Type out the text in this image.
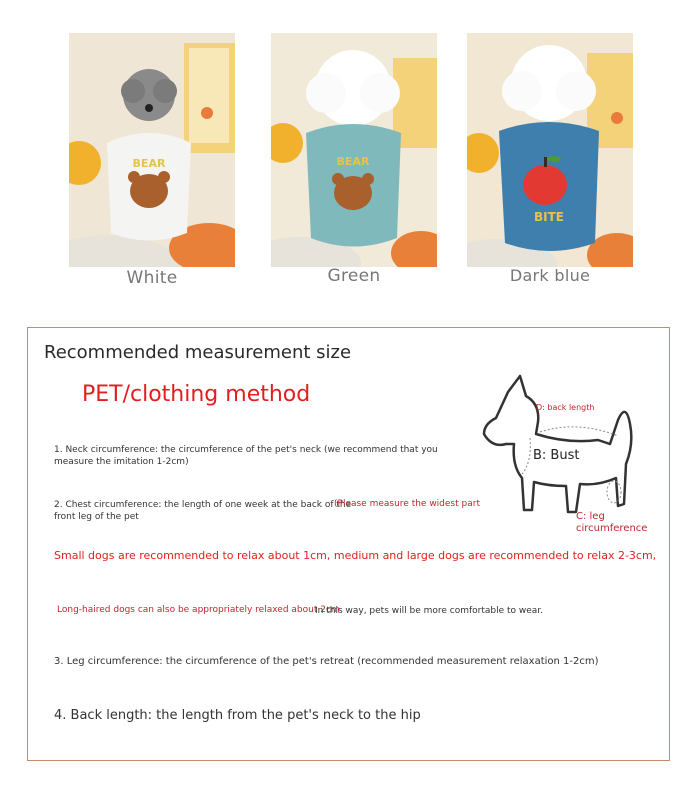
BEAR
White
BEAR
Green
BITE
Dark blue
Recommended measurement size
PET/clothing method
1. Neck circumference: the circumference of the pet's neck (we recommend that you measure the imitation 1-2cm)
2. Chest circumference: the length of one week at the back of the front leg of the pet
(Please measure the widest part
Small dogs are recommended to relax about 1cm, medium and large dogs are recommended to relax 2-3cm,
Long-haired dogs can also be appropriately relaxed about 2cm
In this way, pets will be more comfortable to wear.
3. Leg circumference: the circumference of the pet's retreat (recommended measurement relaxation 1-2cm)
4. Back length: the length from the pet's neck to the hip
D: back length
B: Bust
C: leg circumference
